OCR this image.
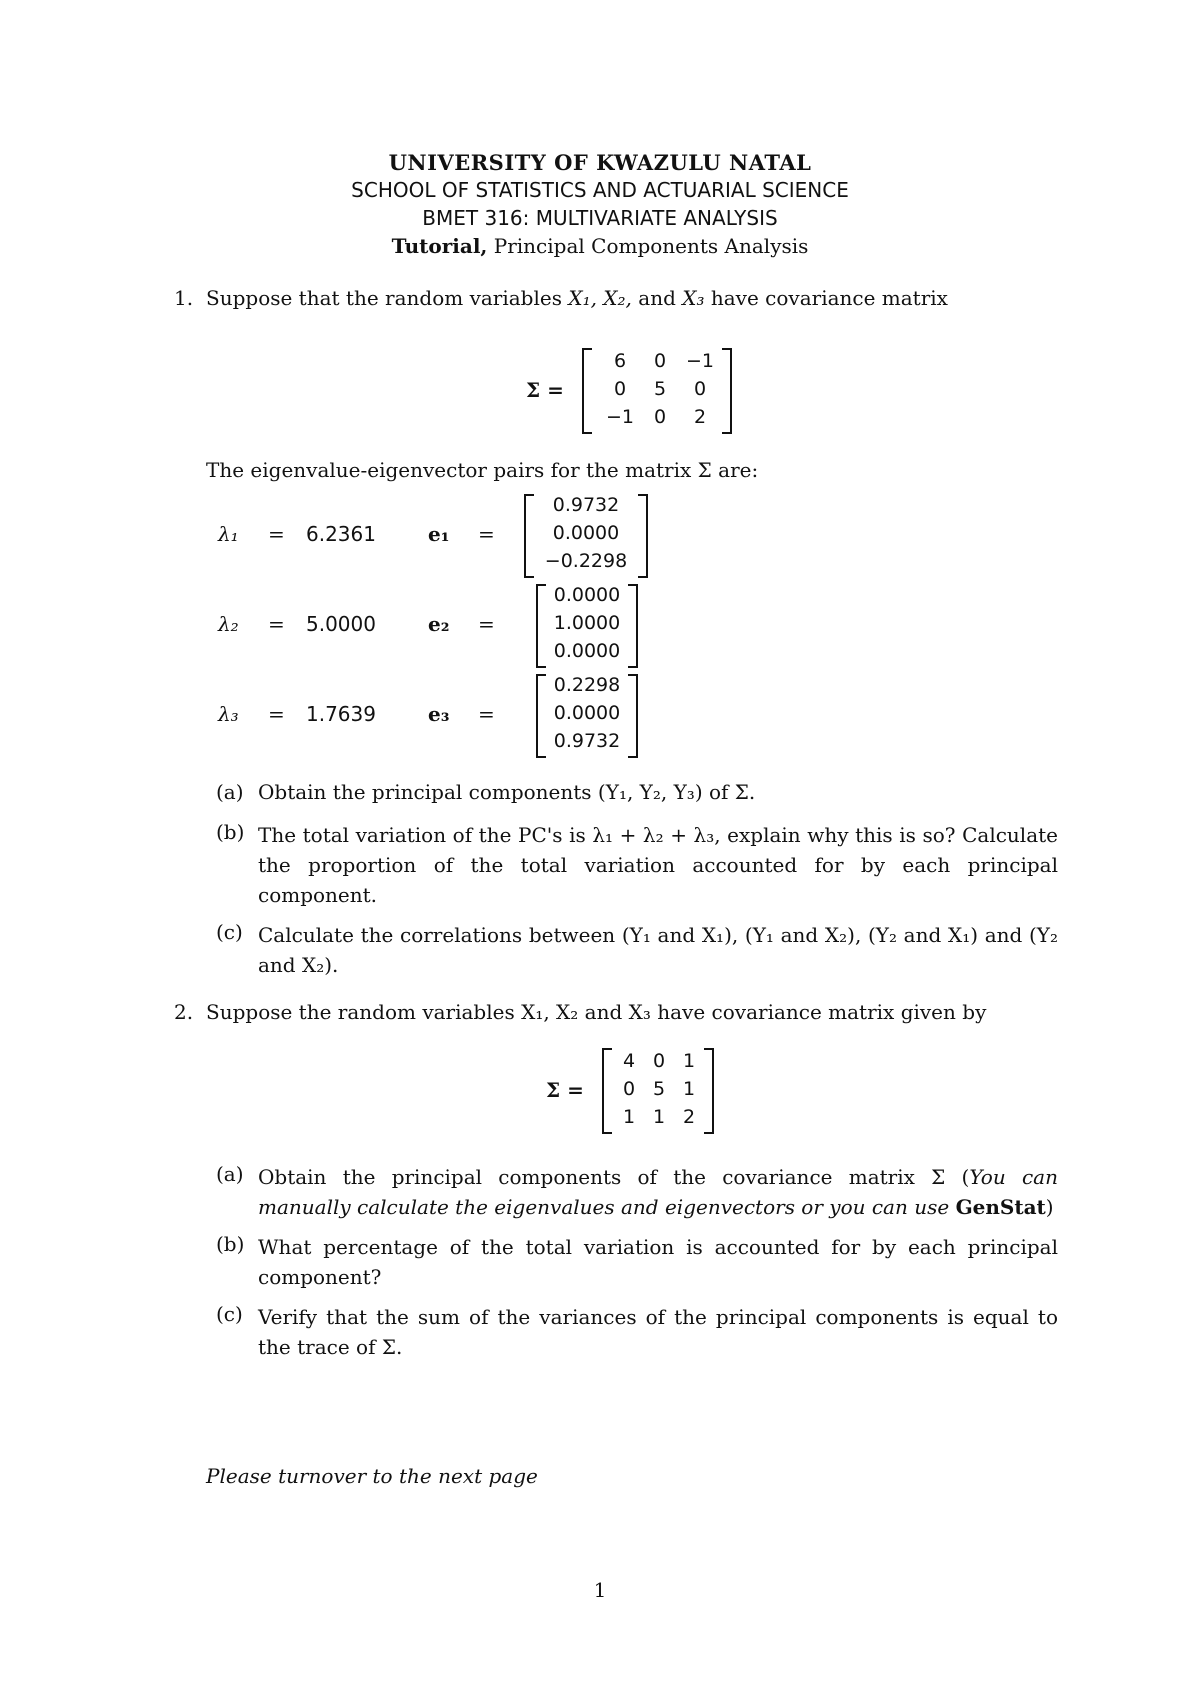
UNIVERSITY OF KWAZULU NATAL
SCHOOL OF STATISTICS AND ACTUARIAL SCIENCE
BMET 316: MULTIVARIATE ANALYSIS
Tutorial, Principal Components Analysis
1. Suppose that the random variables X₁, X₂, and X₃ have covariance matrix
Σ =
6	0	−1
0	5	0
−1	0	2
The eigenvalue-eigenvector pairs for the matrix Σ are:
λ₁ = 6.2361	e₁ =
0.9732
0.0000
−0.2298
λ₂ = 5.0000	e₂ =
0.0000
1.0000
0.0000
λ₃ = 1.7639	e₃ =
0.2298
0.0000
0.9732
(a) Obtain the principal components (Y₁, Y₂, Y₃) of Σ.
(b) The total variation of the PC's is λ₁ + λ₂ + λ₃, explain why this is so? Calculate the proportion of the total variation accounted for by each principal component.
(c) Calculate the correlations between (Y₁ and X₁), (Y₁ and X₂), (Y₂ and X₁) and (Y₂ and X₂).
2. Suppose the random variables X₁, X₂ and X₃ have covariance matrix given by
Σ =
4 0 1
0 5 1
1 1 2
(a) Obtain the principal components of the covariance matrix Σ (You can manually calculate the eigenvalues and eigenvectors or you can use GenStat)
(b) What percentage of the total variation is accounted for by each principal component?
(c) Verify that the sum of the variances of the principal components is equal to the trace of Σ.
Please turnover to the next page
1
